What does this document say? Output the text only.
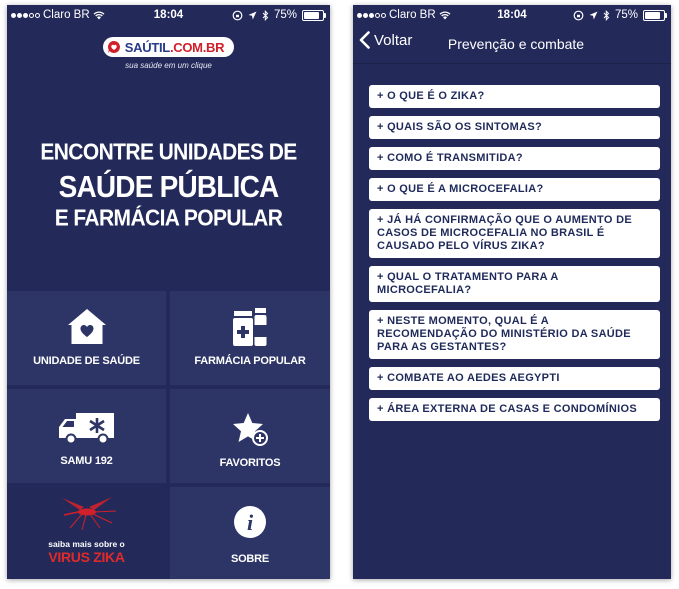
Claro BR	18:04	75%
SAÚTIL.COM.BR
sua saúde em um clique
ENCONTRE UNIDADES DE
SAÚDE PÚBLICA
E FARMÁCIA POPULAR
UNIDADE DE SAÚDE	FARMÁCIA POPULAR
SAMU 192	FAVORITOS
saiba mais sobre o
VIRUS ZIKA
i
SOBRE
Claro BR	18:04	75%
Voltar	Prevenção e combate
+ O QUE É O ZIKA?
+ QUAIS SÃO OS SINTOMAS?
+ COMO É TRANSMITIDA?
+ O QUE É A MICROCEFALIA?
+ JÁ HÁ CONFIRMAÇÃO QUE O AUMENTO DE CASOS DE MICROCEFALIA NO BRASIL É CAUSADO PELO VÍRUS ZIKA?
+ QUAL O TRATAMENTO PARA A MICROCEFALIA?
+ NESTE MOMENTO, QUAL É A RECOMENDAÇÃO DO MINISTÉRIO DA SAÚDE PARA AS GESTANTES?
+ COMBATE AO AEDES AEGYPTI
+ ÁREA EXTERNA DE CASAS E CONDOMÍNIOS
